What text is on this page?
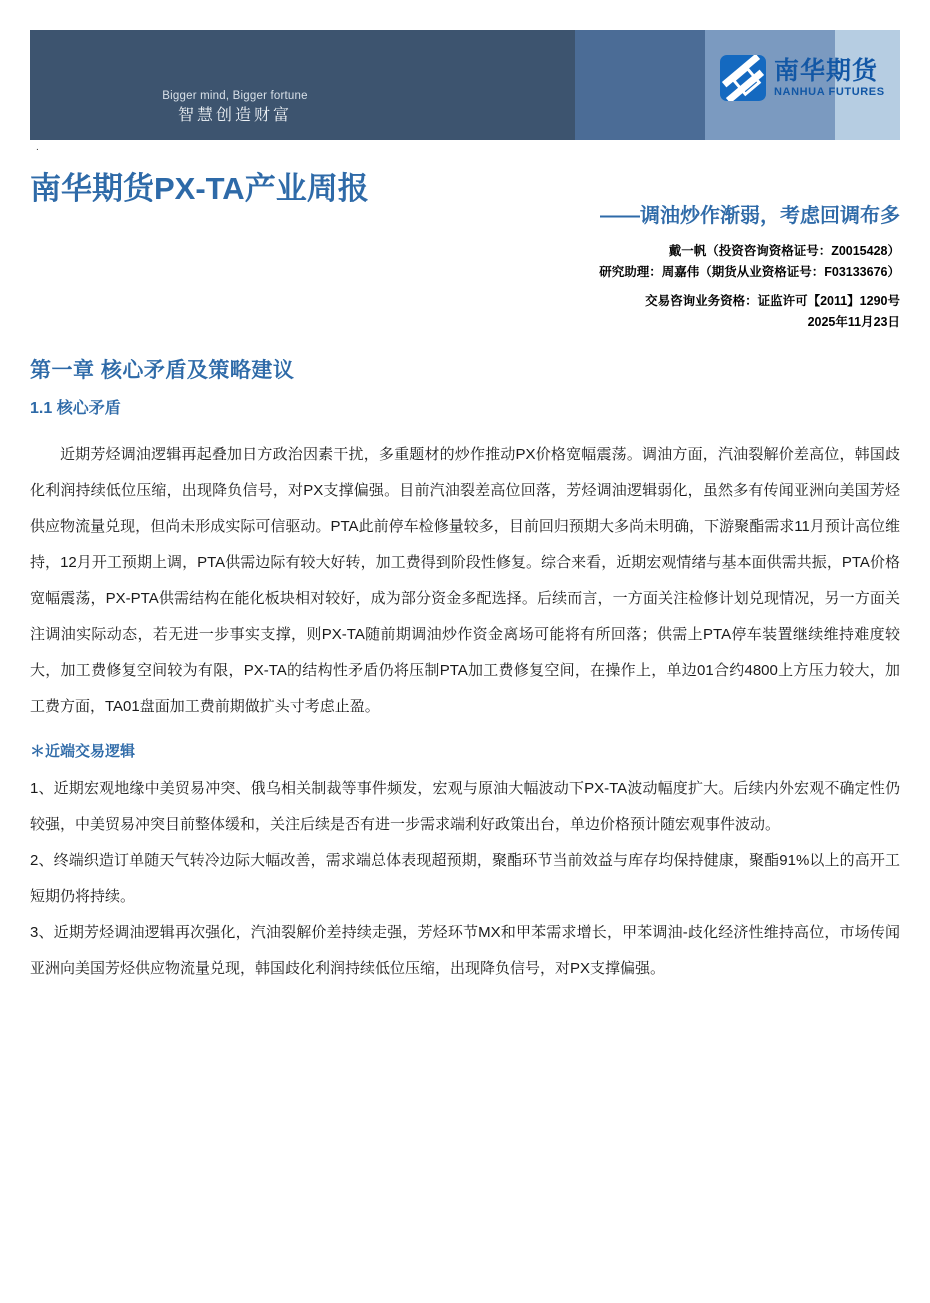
Bigger mind, Bigger fortune
智慧创造财富
南华期货
NANHUA FUTURES
.
南华期货PX-TA产业周报
——调油炒作渐弱，考虑回调布多
戴一帆（投资咨询资格证号：Z0015428）
研究助理：周嘉伟（期货从业资格证号：F03133676）
交易咨询业务资格：证监许可【2011】1290号
2025年11月23日
第一章 核心矛盾及策略建议
1.1 核心矛盾

近期芳烃调油逻辑再起叠加日方政治因素干扰，多重题材的炒作推动PX价格宽幅震荡。调油方面，汽油裂解价差高位，韩国歧化利润持续低位压缩，出现降负信号，对PX支撑偏强。目前汽油裂差高位回落，芳烃调油逻辑弱化，虽然多有传闻亚洲向美国芳烃供应物流量兑现，但尚未形成实际可信驱动。PTA此前停车检修量较多，目前回归预期大多尚未明确，下游聚酯需求11月预计高位维持，12月开工预期上调，PTA供需边际有较大好转，加工费得到阶段性修复。综合来看，近期宏观情绪与基本面供需共振，PTA价格宽幅震荡，PX-PTA供需结构在能化板块相对较好，成为部分资金多配选择。后续而言，一方面关注检修计划兑现情况，另一方面关注调油实际动态，若无进一步事实支撑，则PX-TA随前期调油炒作资金离场可能将有所回落；供需上PTA停车装置继续维持难度较大，加工费修复空间较为有限，PX-TA的结构性矛盾仍将压制PTA加工费修复空间，在操作上，单边01合约4800上方压力较大，加工费方面，TA01盘面加工费前期做扩头寸考虑止盈。

＊近端交易逻辑

1、近期宏观地缘中美贸易冲突、俄乌相关制裁等事件频发，宏观与原油大幅波动下PX-TA波动幅度扩大。后续内外宏观不确定性仍较强，中美贸易冲突目前整体缓和，关注后续是否有进一步需求端利好政策出台，单边价格预计随宏观事件波动。

2、终端织造订单随天气转冷边际大幅改善，需求端总体表现超预期，聚酯环节当前效益与库存均保持健康，聚酯91%以上的高开工短期仍将持续。

3、近期芳烃调油逻辑再次强化，汽油裂解价差持续走强，芳烃环节MX和甲苯需求增长，甲苯调油-歧化经济性维持高位，市场传闻亚洲向美国芳烃供应物流量兑现，韩国歧化利润持续低位压缩，出现降负信号，对PX支撑偏强。
